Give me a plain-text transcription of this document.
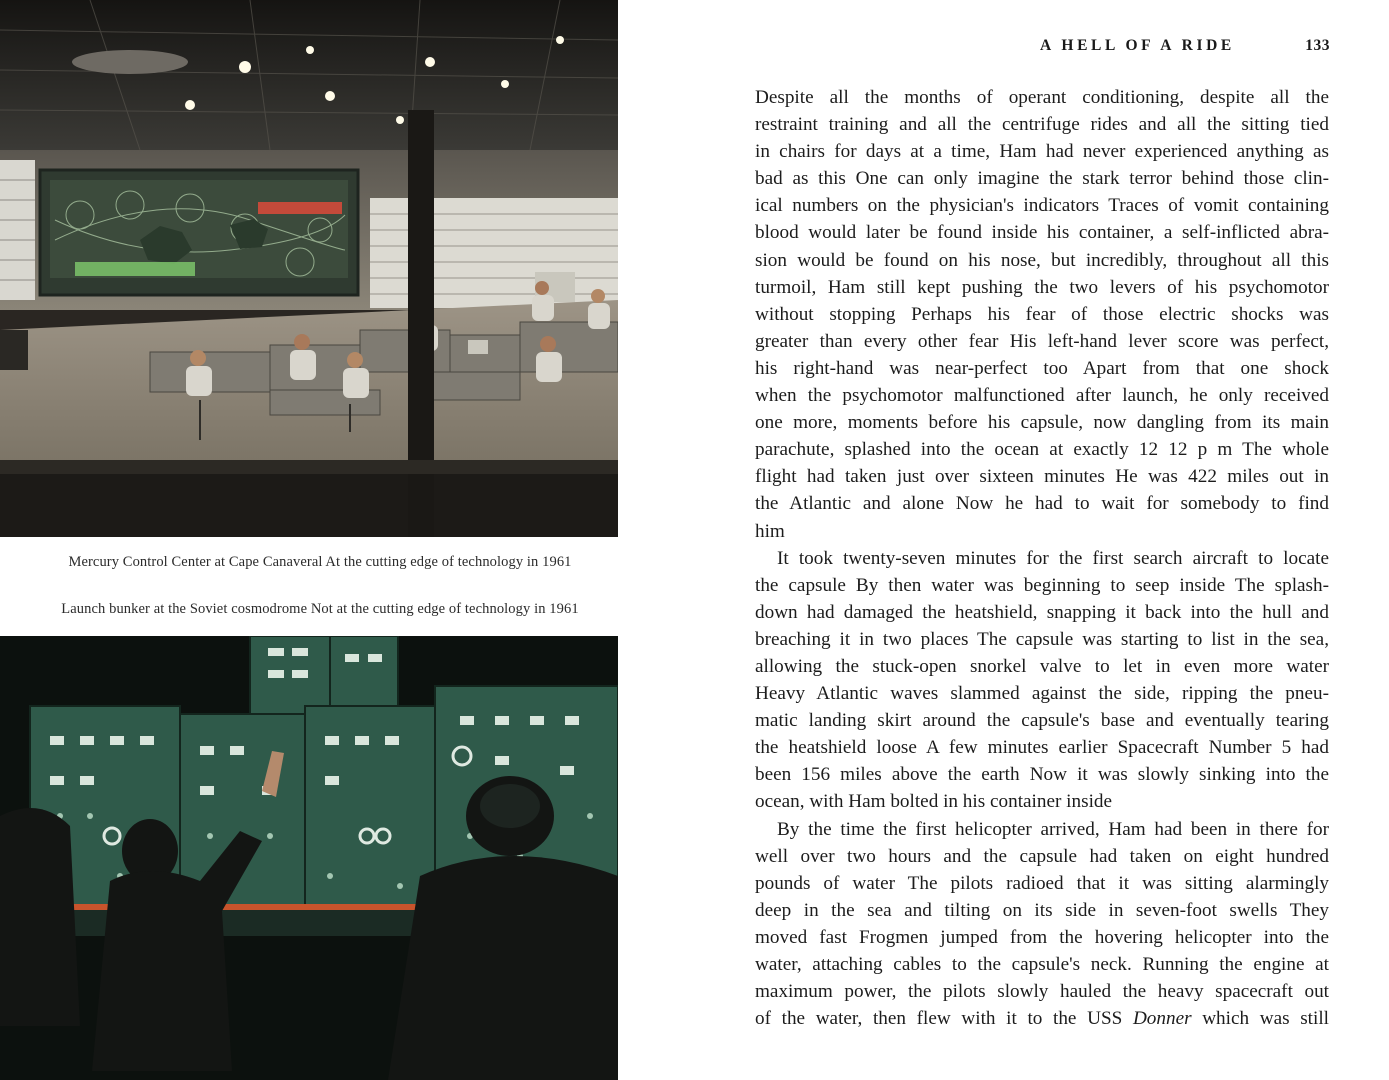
Mercury Control Center at Cape Canaveral At the cutting edge of technology in 1961
Launch bunker at the Soviet cosmodrome Not at the cutting edge of technology in 1961
A HELL OF A RIDE	133
Despite all the months of operant conditioning, despite all the
restraint training and all the centrifuge rides and all the sitting tied
in chairs for days at a time, Ham had never experienced anything as
bad as this One can only imagine the stark terror behind those clin-
ical numbers on the physician's indicators Traces of vomit containing
blood would later be found inside his container, a self-inflicted abra-
sion would be found on his nose, but incredibly, throughout all this
turmoil, Ham still kept pushing the two levers of his psychomotor
without stopping Perhaps his fear of those electric shocks was
greater than every other fear His left-hand lever score was perfect,
his right-hand was near-perfect too Apart from that one shock
when the psychomotor malfunctioned after launch, he only received
one more, moments before his capsule, now dangling from its main
parachute, splashed into the ocean at exactly 12 12 p m The whole
flight had taken just over sixteen minutes He was 422 miles out in
the Atlantic and alone Now he had to wait for somebody to find
him
It took twenty-seven minutes for the first search aircraft to locate
the capsule By then water was beginning to seep inside The splash-
down had damaged the heatshield, snapping it back into the hull and
breaching it in two places The capsule was starting to list in the sea,
allowing the stuck-open snorkel valve to let in even more water
Heavy Atlantic waves slammed against the side, ripping the pneu-
matic landing skirt around the capsule's base and eventually tearing
the heatshield loose A few minutes earlier Spacecraft Number 5 had
been 156 miles above the earth Now it was slowly sinking into the
ocean, with Ham bolted in his container inside
By the time the first helicopter arrived, Ham had been in there for
well over two hours and the capsule had taken on eight hundred
pounds of water The pilots radioed that it was sitting alarmingly
deep in the sea and tilting on its side in seven-foot swells They
moved fast Frogmen jumped from the hovering helicopter into the
water, attaching cables to the capsule's neck. Running the engine at
maximum power, the pilots slowly hauled the heavy spacecraft out
of the water, then flew with it to the USS Donner which was still
